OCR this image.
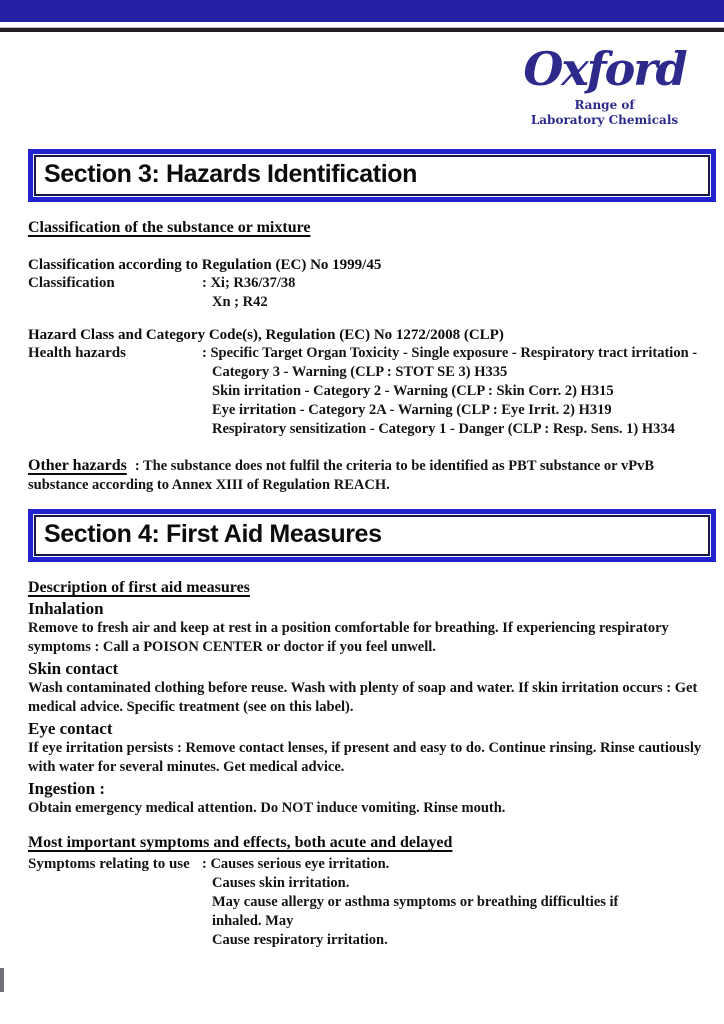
Oxford
Range of
Laboratory Chemicals
Section 3: Hazards Identification
Classification of the substance or mixture
Classification according to Regulation (EC) No 1999/45
Classification	: Xi; R36/37/38
Xn ; R42
Hazard Class and Category Code(s), Regulation (EC) No 1272/2008 (CLP)
Health hazards	: Specific Target Organ Toxicity - Single exposure - Respiratory tract irritation -
Category 3 - Warning (CLP : STOT SE 3) H335
Skin irritation - Category 2 - Warning (CLP : Skin Corr. 2) H315
Eye irritation - Category 2A - Warning (CLP : Eye Irrit. 2) H319
Respiratory sensitization - Category 1 - Danger (CLP : Resp. Sens. 1) H334
Other hazards : The substance does not fulfil the criteria to be identified as PBT substance or vPvB substance according to Annex XIII of Regulation REACH.
Section 4: First Aid Measures
Description of first aid measures
Inhalation
Remove to fresh air and keep at rest in a position comfortable for breathing. If experiencing respiratory symptoms : Call a POISON CENTER or doctor if you feel unwell.
Skin contact
Wash contaminated clothing before reuse. Wash with plenty of soap and water. If skin irritation occurs : Get medical advice. Specific treatment (see on this label).
Eye contact
If eye irritation persists : Remove contact lenses, if present and easy to do. Continue rinsing. Rinse cautiously with water for several minutes. Get medical advice.
Ingestion :
Obtain emergency medical attention. Do NOT induce vomiting. Rinse mouth.
Most important symptoms and effects, both acute and delayed
Symptoms relating to use : Causes serious eye irritation.
Causes skin irritation.
May cause allergy or asthma symptoms or breathing difficulties if
inhaled. May
Cause respiratory irritation.
